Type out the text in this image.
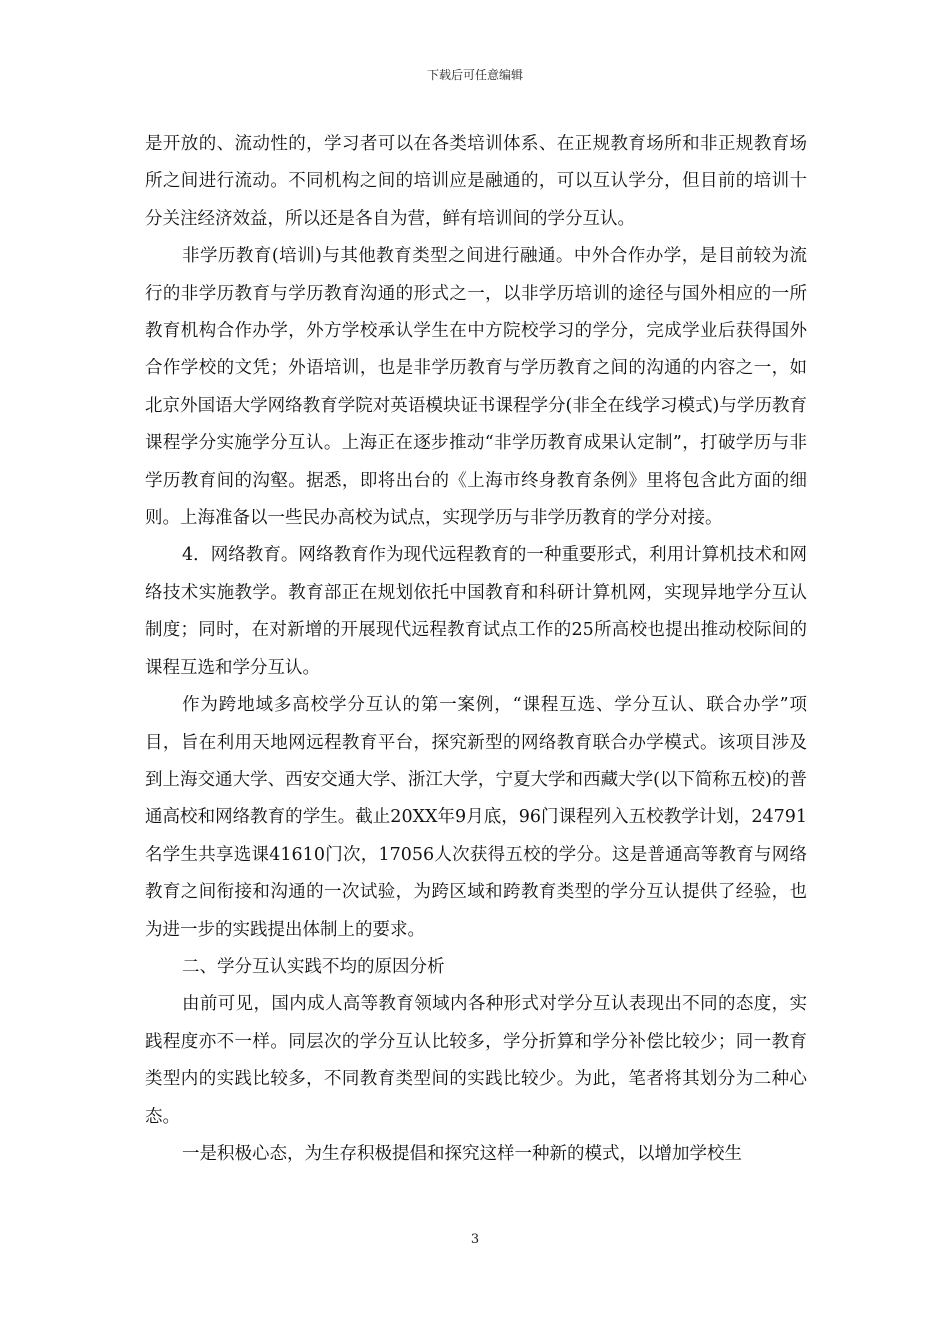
下载后可任意编辑

是开放的、流动性的，学习者可以在各类培训体系、在正规教育场所和非正规教育场所之间进行流动。不同机构之间的培训应是融通的，可以互认学分，但目前的培训十分关注经济效益，所以还是各自为营，鲜有培训间的学分互认。

非学历教育(培训)与其他教育类型之间进行融通。中外合作办学，是目前较为流行的非学历教育与学历教育沟通的形式之一，以非学历培训的途径与国外相应的一所教育机构合作办学，外方学校承认学生在中方院校学习的学分，完成学业后获得国外合作学校的文凭；外语培训，也是非学历教育与学历教育之间的沟通的内容之一，如北京外国语大学网络教育学院对英语模块证书课程学分(非全在线学习模式)与学历教育课程学分实施学分互认。上海正在逐步推动“非学历教育成果认定制”，打破学历与非学历教育间的沟壑。据悉，即将出台的《上海市终身教育条例》里将包含此方面的细则。上海准备以一些民办高校为试点，实现学历与非学历教育的学分对接。

4．网络教育。网络教育作为现代远程教育的一种重要形式，利用计算机技术和网络技术实施教学。教育部正在规划依托中国教育和科研计算机网，实现异地学分互认制度；同时，在对新增的开展现代远程教育试点工作的25所高校也提出推动校际间的课程互选和学分互认。

作为跨地域多高校学分互认的第一案例，“课程互选、学分互认、联合办学”项目，旨在利用天地网远程教育平台，探究新型的网络教育联合办学模式。该项目涉及到上海交通大学、西安交通大学、浙江大学，宁夏大学和西藏大学(以下简称五校)的普通高校和网络教育的学生。截止20XX年9月底，96门课程列入五校教学计划，24791名学生共享选课41610门次，17056人次获得五校的学分。这是普通高等教育与网络教育之间衔接和沟通的一次试验，为跨区域和跨教育类型的学分互认提供了经验，也为进一步的实践提出体制上的要求。

二、学分互认实践不均的原因分析

由前可见，国内成人高等教育领域内各种形式对学分互认表现出不同的态度，实践程度亦不一样。同层次的学分互认比较多，学分折算和学分补偿比较少；同一教育类型内的实践比较多，不同教育类型间的实践比较少。为此，笔者将其划分为二种心态。

一是积极心态，为生存积极提倡和探究这样一种新的模式，以增加学校生

3
